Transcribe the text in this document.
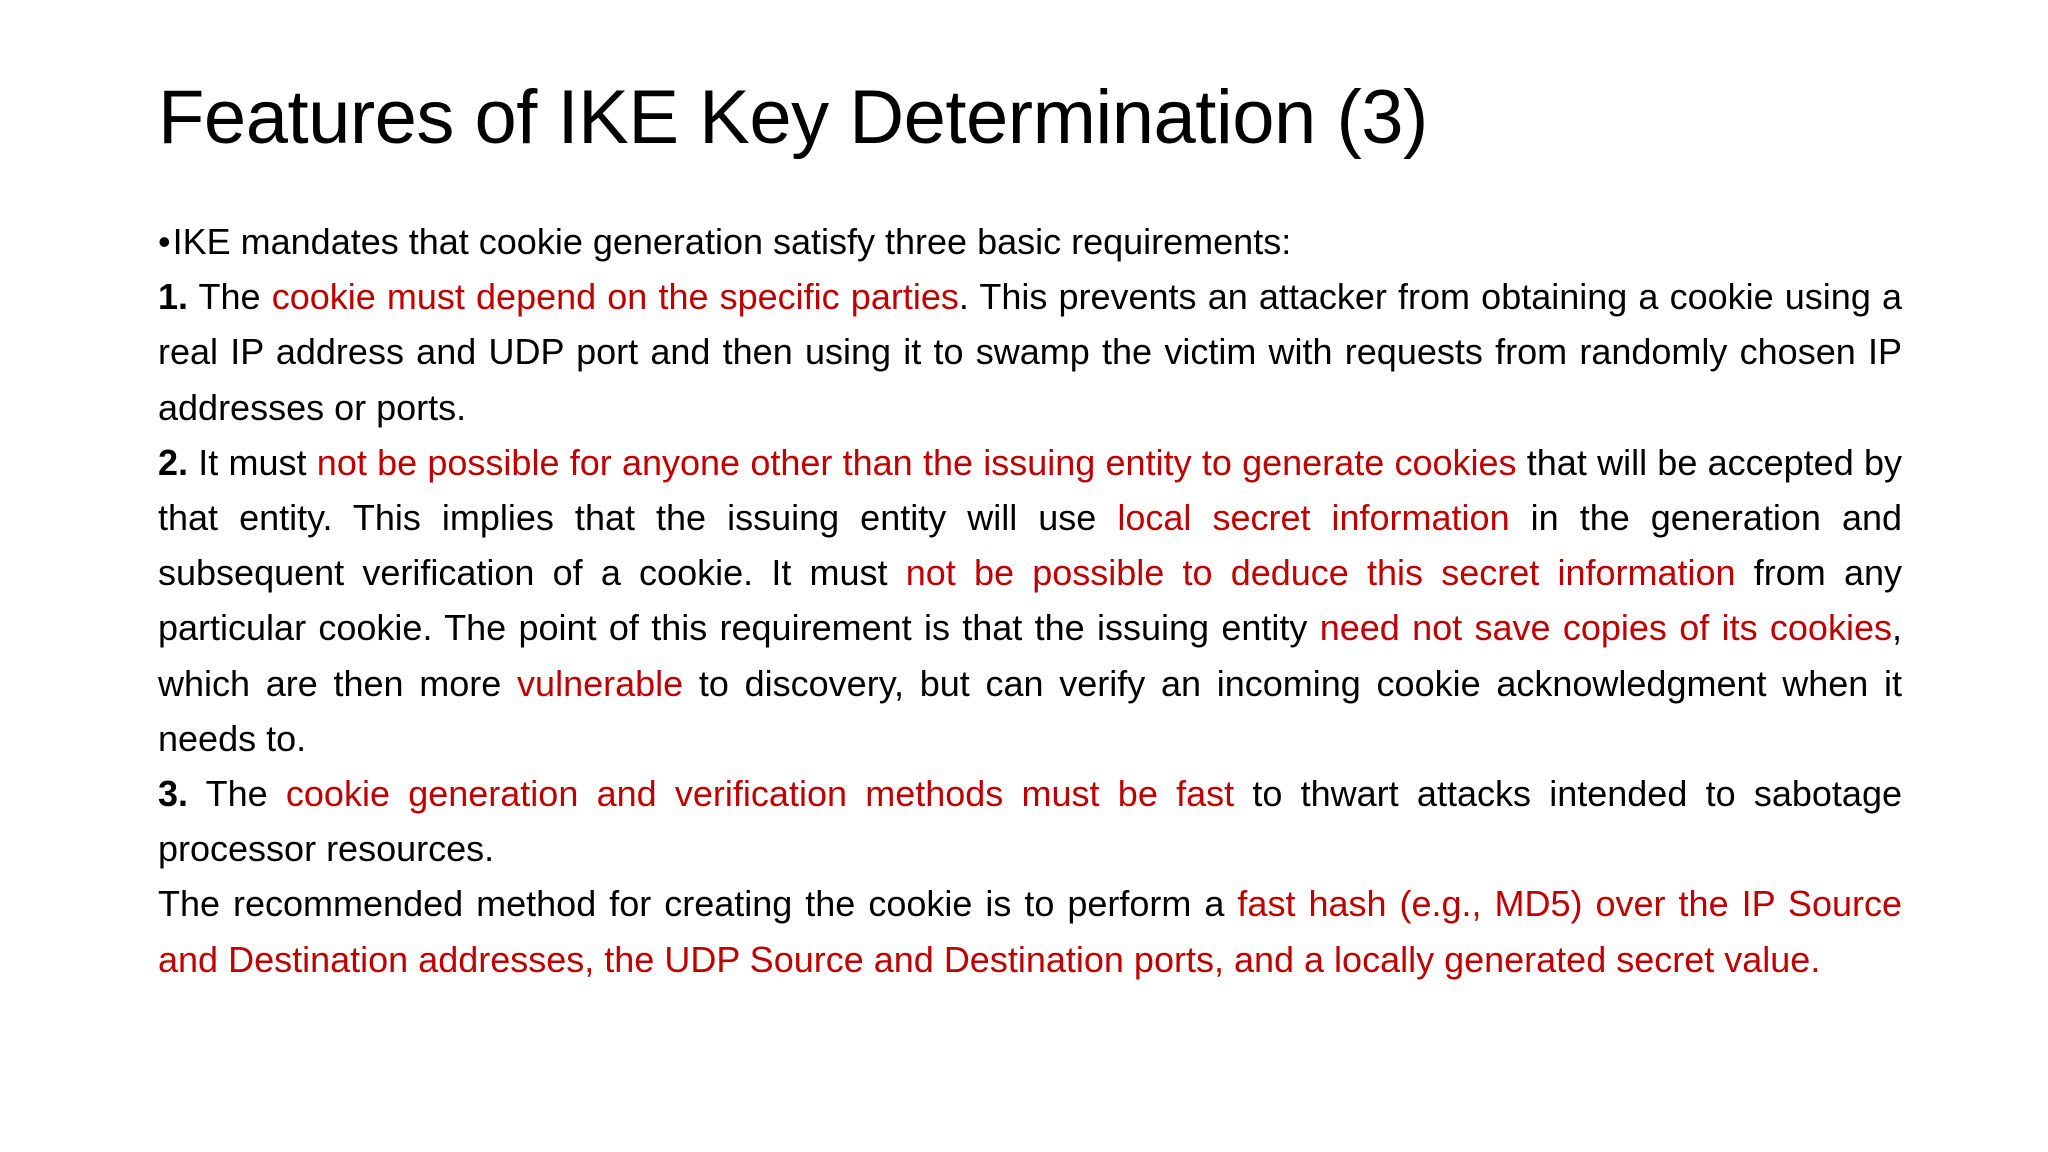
Features of IKE Key Determination (3)

•IKE mandates that cookie generation satisfy three basic requirements:

1. The cookie must depend on the specific parties. This prevents an attacker from obtaining a cookie using a real IP address and UDP port and then using it to swamp the victim with requests from randomly chosen IP addresses or ports.

2. It must not be possible for anyone other than the issuing entity to generate cookies that will be accepted by that entity. This implies that the issuing entity will use local secret information in the generation and subsequent verification of a cookie. It must not be possible to deduce this secret information from any particular cookie. The point of this requirement is that the issuing entity need not save copies of its cookies, which are then more vulnerable to discovery, but can verify an incoming cookie acknowledgment when it needs to.

3. The cookie generation and verification methods must be fast to thwart attacks intended to sabotage processor resources.

The recommended method for creating the cookie is to perform a fast hash (e.g., MD5) over the IP Source and Destination addresses, the UDP Source and Destination ports, and a locally generated secret value.
